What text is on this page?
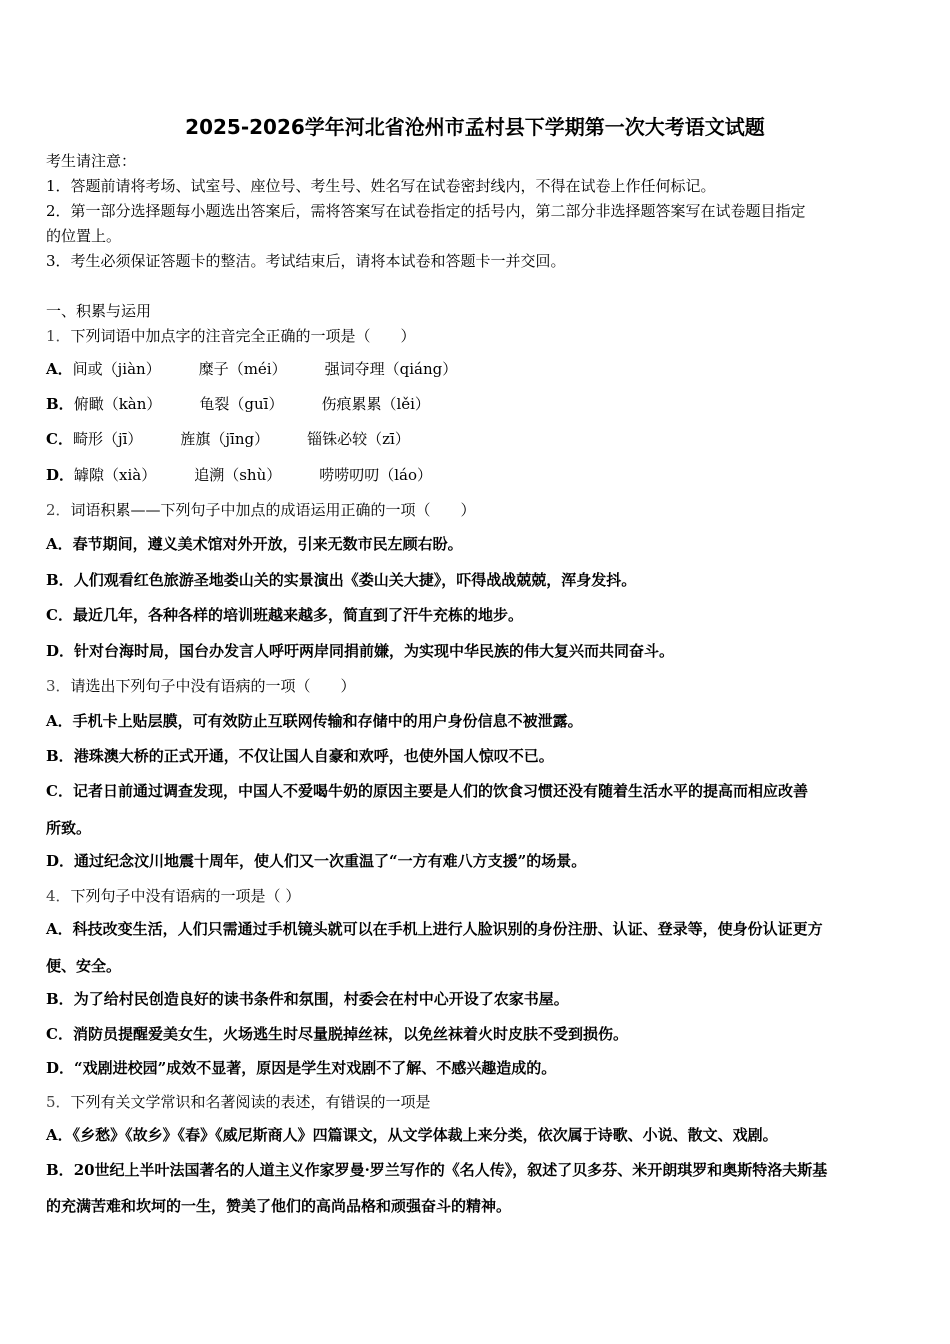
2025-2026学年河北省沧州市孟村县下学期第一次大考语文试题
考生请注意：
1．答题前请将考场、试室号、座位号、考生号、姓名写在试卷密封线内，不得在试卷上作任何标记。
2．第一部分选择题每小题选出答案后，需将答案写在试卷指定的括号内，第二部分非选择题答案写在试卷题目指定
的位置上。
3．考生必须保证答题卡的整洁。考试结束后，请将本试卷和答题卡一并交回。
一、积累与运用
1．下列词语中加点字的注音完全正确的一项是（　　）
A．间或（jiàn）	糜子（méi）	强词夺理（qiáng）
B．俯瞰（kàn）	龟裂（guī）	伤痕累累（lěi）
C．畸形（jī）	旌旗（jīng）	锱铢必较（zī）
D．罅隙（xià）	追溯（shù）	唠唠叨叨（láo）
2．词语积累——下列句子中加点的成语运用正确的一项（　　）
A．春节期间，遵义美术馆对外开放，引来无数市民左顾右盼。
B．人们观看红色旅游圣地娄山关的实景演出《娄山关大捷》，吓得战战兢兢，浑身发抖。
C．最近几年，各种各样的培训班越来越多，简直到了汗牛充栋的地步。
D．针对台海时局，国台办发言人呼吁两岸同捐前嫌，为实现中华民族的伟大复兴而共同奋斗。
3．请选出下列句子中没有语病的一项（　　）
A．手机卡上贴层膜，可有效防止互联网传输和存储中的用户身份信息不被泄露。
B．港珠澳大桥的正式开通，不仅让国人自豪和欢呼，也使外国人惊叹不已。
C．记者日前通过调查发现，中国人不爱喝牛奶的原因主要是人们的饮食习惯还没有随着生活水平的提高而相应改善
所致。
D．通过纪念汶川地震十周年，使人们又一次重温了“一方有难八方支援”的场景。
4．下列句子中没有语病的一项是（ ）
A．科技改变生活，人们只需通过手机镜头就可以在手机上进行人脸识别的身份注册、认证、登录等，使身份认证更方
便、安全。
B．为了给村民创造良好的读书条件和氛围，村委会在村中心开设了农家书屋。
C．消防员提醒爱美女生，火场逃生时尽量脱掉丝袜，以免丝袜着火时皮肤不受到损伤。
D．“戏剧进校园”成效不显著，原因是学生对戏剧不了解、不感兴趣造成的。
5．下列有关文学常识和名著阅读的表述，有错误的一项是
A．《乡愁》《故乡》《春》《威尼斯商人》四篇课文，从文学体裁上来分类，依次属于诗歌、小说、散文、戏剧。
B．20世纪上半叶法国著名的人道主义作家罗曼·罗兰写作的《名人传》，叙述了贝多芬、米开朗琪罗和奥斯特洛夫斯基
的充满苦难和坎坷的一生，赞美了他们的高尚品格和顽强奋斗的精神。
